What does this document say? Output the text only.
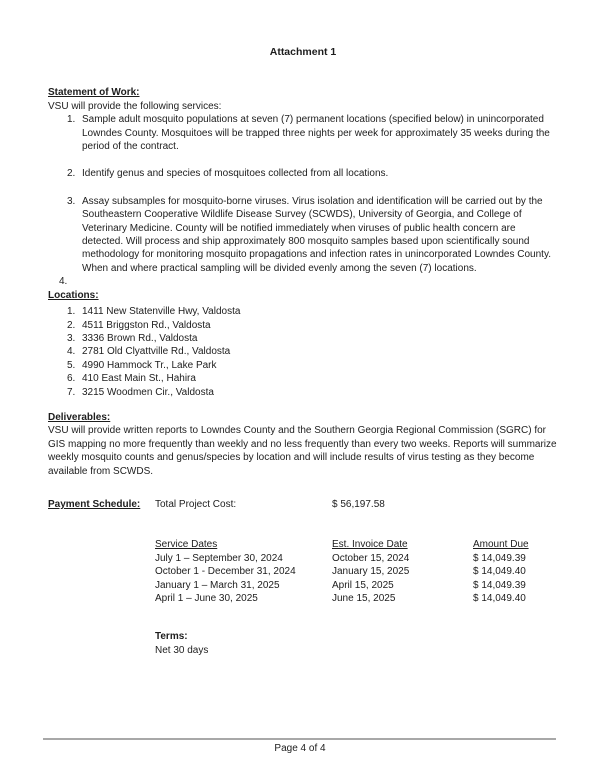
Attachment 1
Statement of Work:
VSU will provide the following services:
1. Sample adult mosquito populations at seven (7) permanent locations (specified below) in unincorporated Lowndes County. Mosquitoes will be trapped three nights per week for approximately 35 weeks during the period of the contract.
2. Identify genus and species of mosquitoes collected from all locations.
3. Assay subsamples for mosquito-borne viruses. Virus isolation and identification will be carried out by the Southeastern Cooperative Wildlife Disease Survey (SCWDS), University of Georgia, and College of Veterinary Medicine. County will be notified immediately when viruses of public health concern are detected. Will process and ship approximately 800 mosquito samples based upon scientifically sound methodology for monitoring mosquito propagations and infection rates in unincorporated Lowndes County. When and where practical sampling will be divided evenly among the seven (7) locations.
4.
Locations:
1. 1411 New Statenville Hwy, Valdosta
2. 4511 Briggston Rd., Valdosta
3. 3336 Brown Rd., Valdosta
4. 2781 Old Clyattville Rd., Valdosta
5. 4990 Hammock Tr., Lake Park
6. 410 East Main St., Hahira
7. 3215 Woodmen Cir., Valdosta
Deliverables:
VSU will provide written reports to Lowndes County and the Southern Georgia Regional Commission (SGRC) for GIS mapping no more frequently than weekly and no less frequently than every two weeks. Reports will summarize weekly mosquito counts and genus/species by location and will include results of virus testing as they become available from SCWDS.
Payment Schedule:	Total Project Cost:	$ 56,197.58
Service Dates	Est. Invoice Date	Amount Due
July 1 – September 30, 2024	October 15, 2024	$ 14,049.39
October 1 - December 31, 2024	January 15, 2025	$ 14,049.40
January 1 – March 31, 2025	April 15, 2025	$ 14,049.39
April 1 – June 30, 2025	June 15, 2025	$ 14,049.40
Terms:
Net 30 days
Page 4 of 4
